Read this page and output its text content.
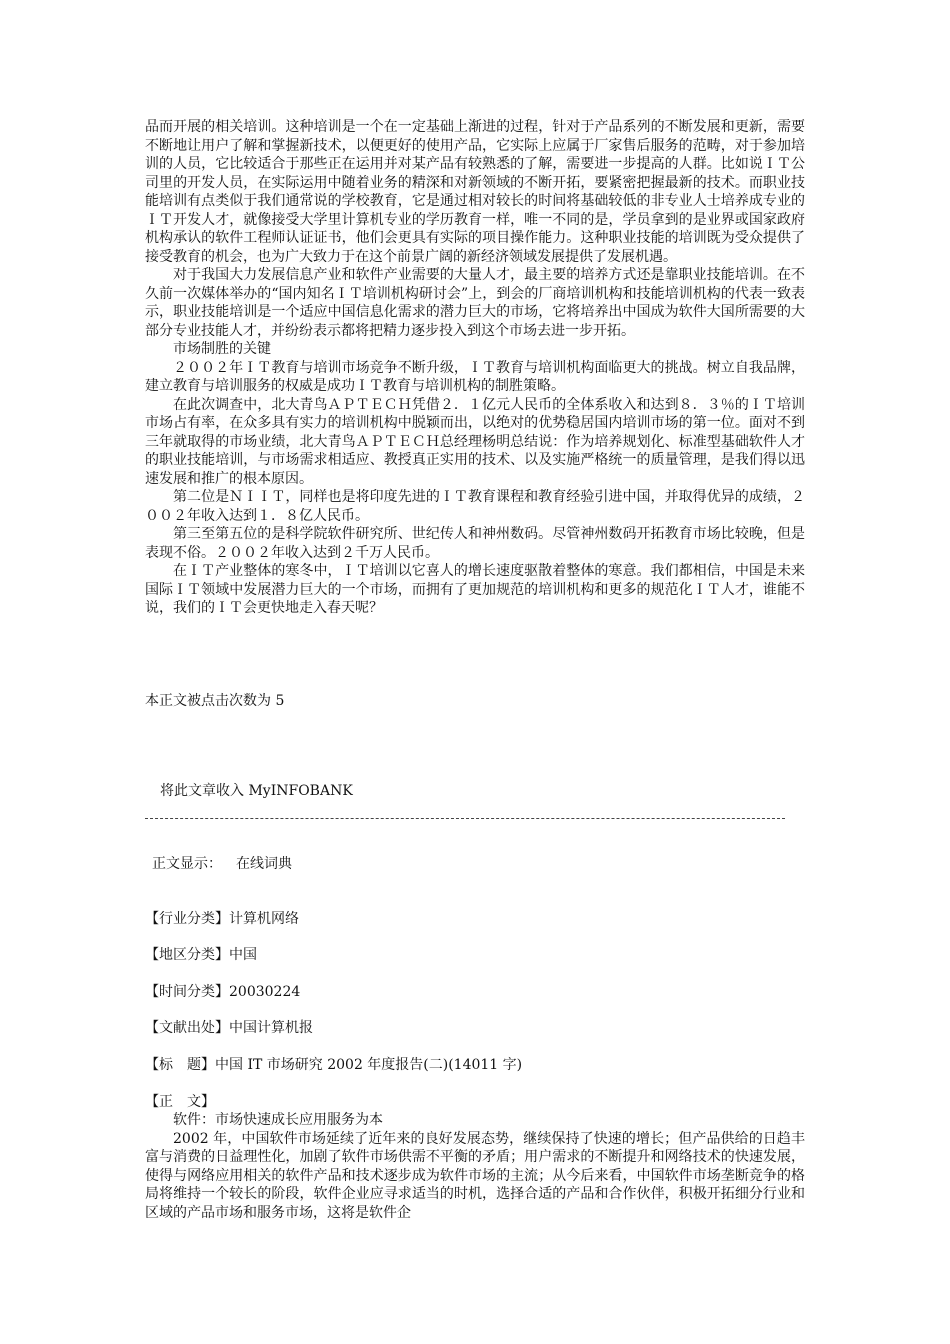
品而开展的相关培训。这种培训是一个在一定基础上渐进的过程，针对于产品系列的不断发展和更新，需要不断地让用户了解和掌握新技术，以便更好的使用产品，它实际上应属于厂家售后服务的范畴，对于参加培训的人员，它比较适合于那些正在运用并对某产品有较熟悉的了解，需要进一步提高的人群。比如说ＩＴ公司里的开发人员，在实际运用中随着业务的精深和对新领域的不断开拓，要紧密把握最新的技术。而职业技能培训有点类似于我们通常说的学校教育，它是通过相对较长的时间将基础较低的非专业人士培养成专业的ＩＴ开发人才，就像接受大学里计算机专业的学历教育一样，唯一不同的是，学员拿到的是业界或国家政府机构承认的软件工程师认证证书，他们会更具有实际的项目操作能力。这种职业技能的培训既为受众提供了接受教育的机会，也为广大致力于在这个前景广阔的新经济领域发展提供了发展机遇。

对于我国大力发展信息产业和软件产业需要的大量人才，最主要的培养方式还是靠职业技能培训。在不久前一次媒体举办的“国内知名ＩＴ培训机构研讨会”上，到会的厂商培训机构和技能培训机构的代表一致表示，职业技能培训是一个适应中国信息化需求的潜力巨大的市场，它将培养出中国成为软件大国所需要的大部分专业技能人才，并纷纷表示都将把精力逐步投入到这个市场去进一步开拓。

市场制胜的关键

２００２年ＩＴ教育与培训市场竞争不断升级，ＩＴ教育与培训机构面临更大的挑战。树立自我品牌，建立教育与培训服务的权威是成功ＩＴ教育与培训机构的制胜策略。

在此次调查中，北大青鸟ＡＰＴＥＣＨ凭借２．１亿元人民币的全体系收入和达到８．３％的ＩＴ培训市场占有率，在众多具有实力的培训机构中脱颖而出，以绝对的优势稳居国内培训市场的第一位。面对不到三年就取得的市场业绩，北大青鸟ＡＰＴＥＣＨ总经理杨明总结说：作为培养规划化、标准型基础软件人才的职业技能培训，与市场需求相适应、教授真正实用的技术、以及实施严格统一的质量管理，是我们得以迅速发展和推广的根本原因。

第二位是ＮＩＩＴ，同样也是将印度先进的ＩＴ教育课程和教育经验引进中国，并取得优异的成绩，２００２年收入达到１．８亿人民币。

第三至第五位的是科学院软件研究所、世纪传人和神州数码。尽管神州数码开拓教育市场比较晚，但是表现不俗。２００２年收入达到２千万人民币。

在ＩＴ产业整体的寒冬中，ＩＴ培训以它喜人的增长速度驱散着整体的寒意。我们都相信，中国是未来国际ＩＴ领域中发展潜力巨大的一个市场，而拥有了更加规范的培训机构和更多的规范化ＩＴ人才，谁能不说，我们的ＩＴ会更快地走入春天呢？

本正文被点击次数为 5
将此文章收入 MyINFOBANK
正文显示： 在线词典
【行业分类】计算机网络
【地区分类】中国
【时间分类】20030224
【文献出处】中国计算机报
【标　题】中国 IT 市场研究 2002 年度报告(二)(14011 字)
【正　文】

软件：市场快速成长应用服务为本

2002 年，中国软件市场延续了近年来的良好发展态势，继续保持了快速的增长；但产品供给的日趋丰富与消费的日益理性化，加剧了软件市场供需不平衡的矛盾；用户需求的不断提升和网络技术的快速发展，使得与网络应用相关的软件产品和技术逐步成为软件市场的主流；从今后来看，中国软件市场垄断竞争的格局将维持一个较长的阶段，软件企业应寻求适当的时机，选择合适的产品和合作伙伴，积极开拓细分行业和区域的产品市场和服务市场，这将是软件企
